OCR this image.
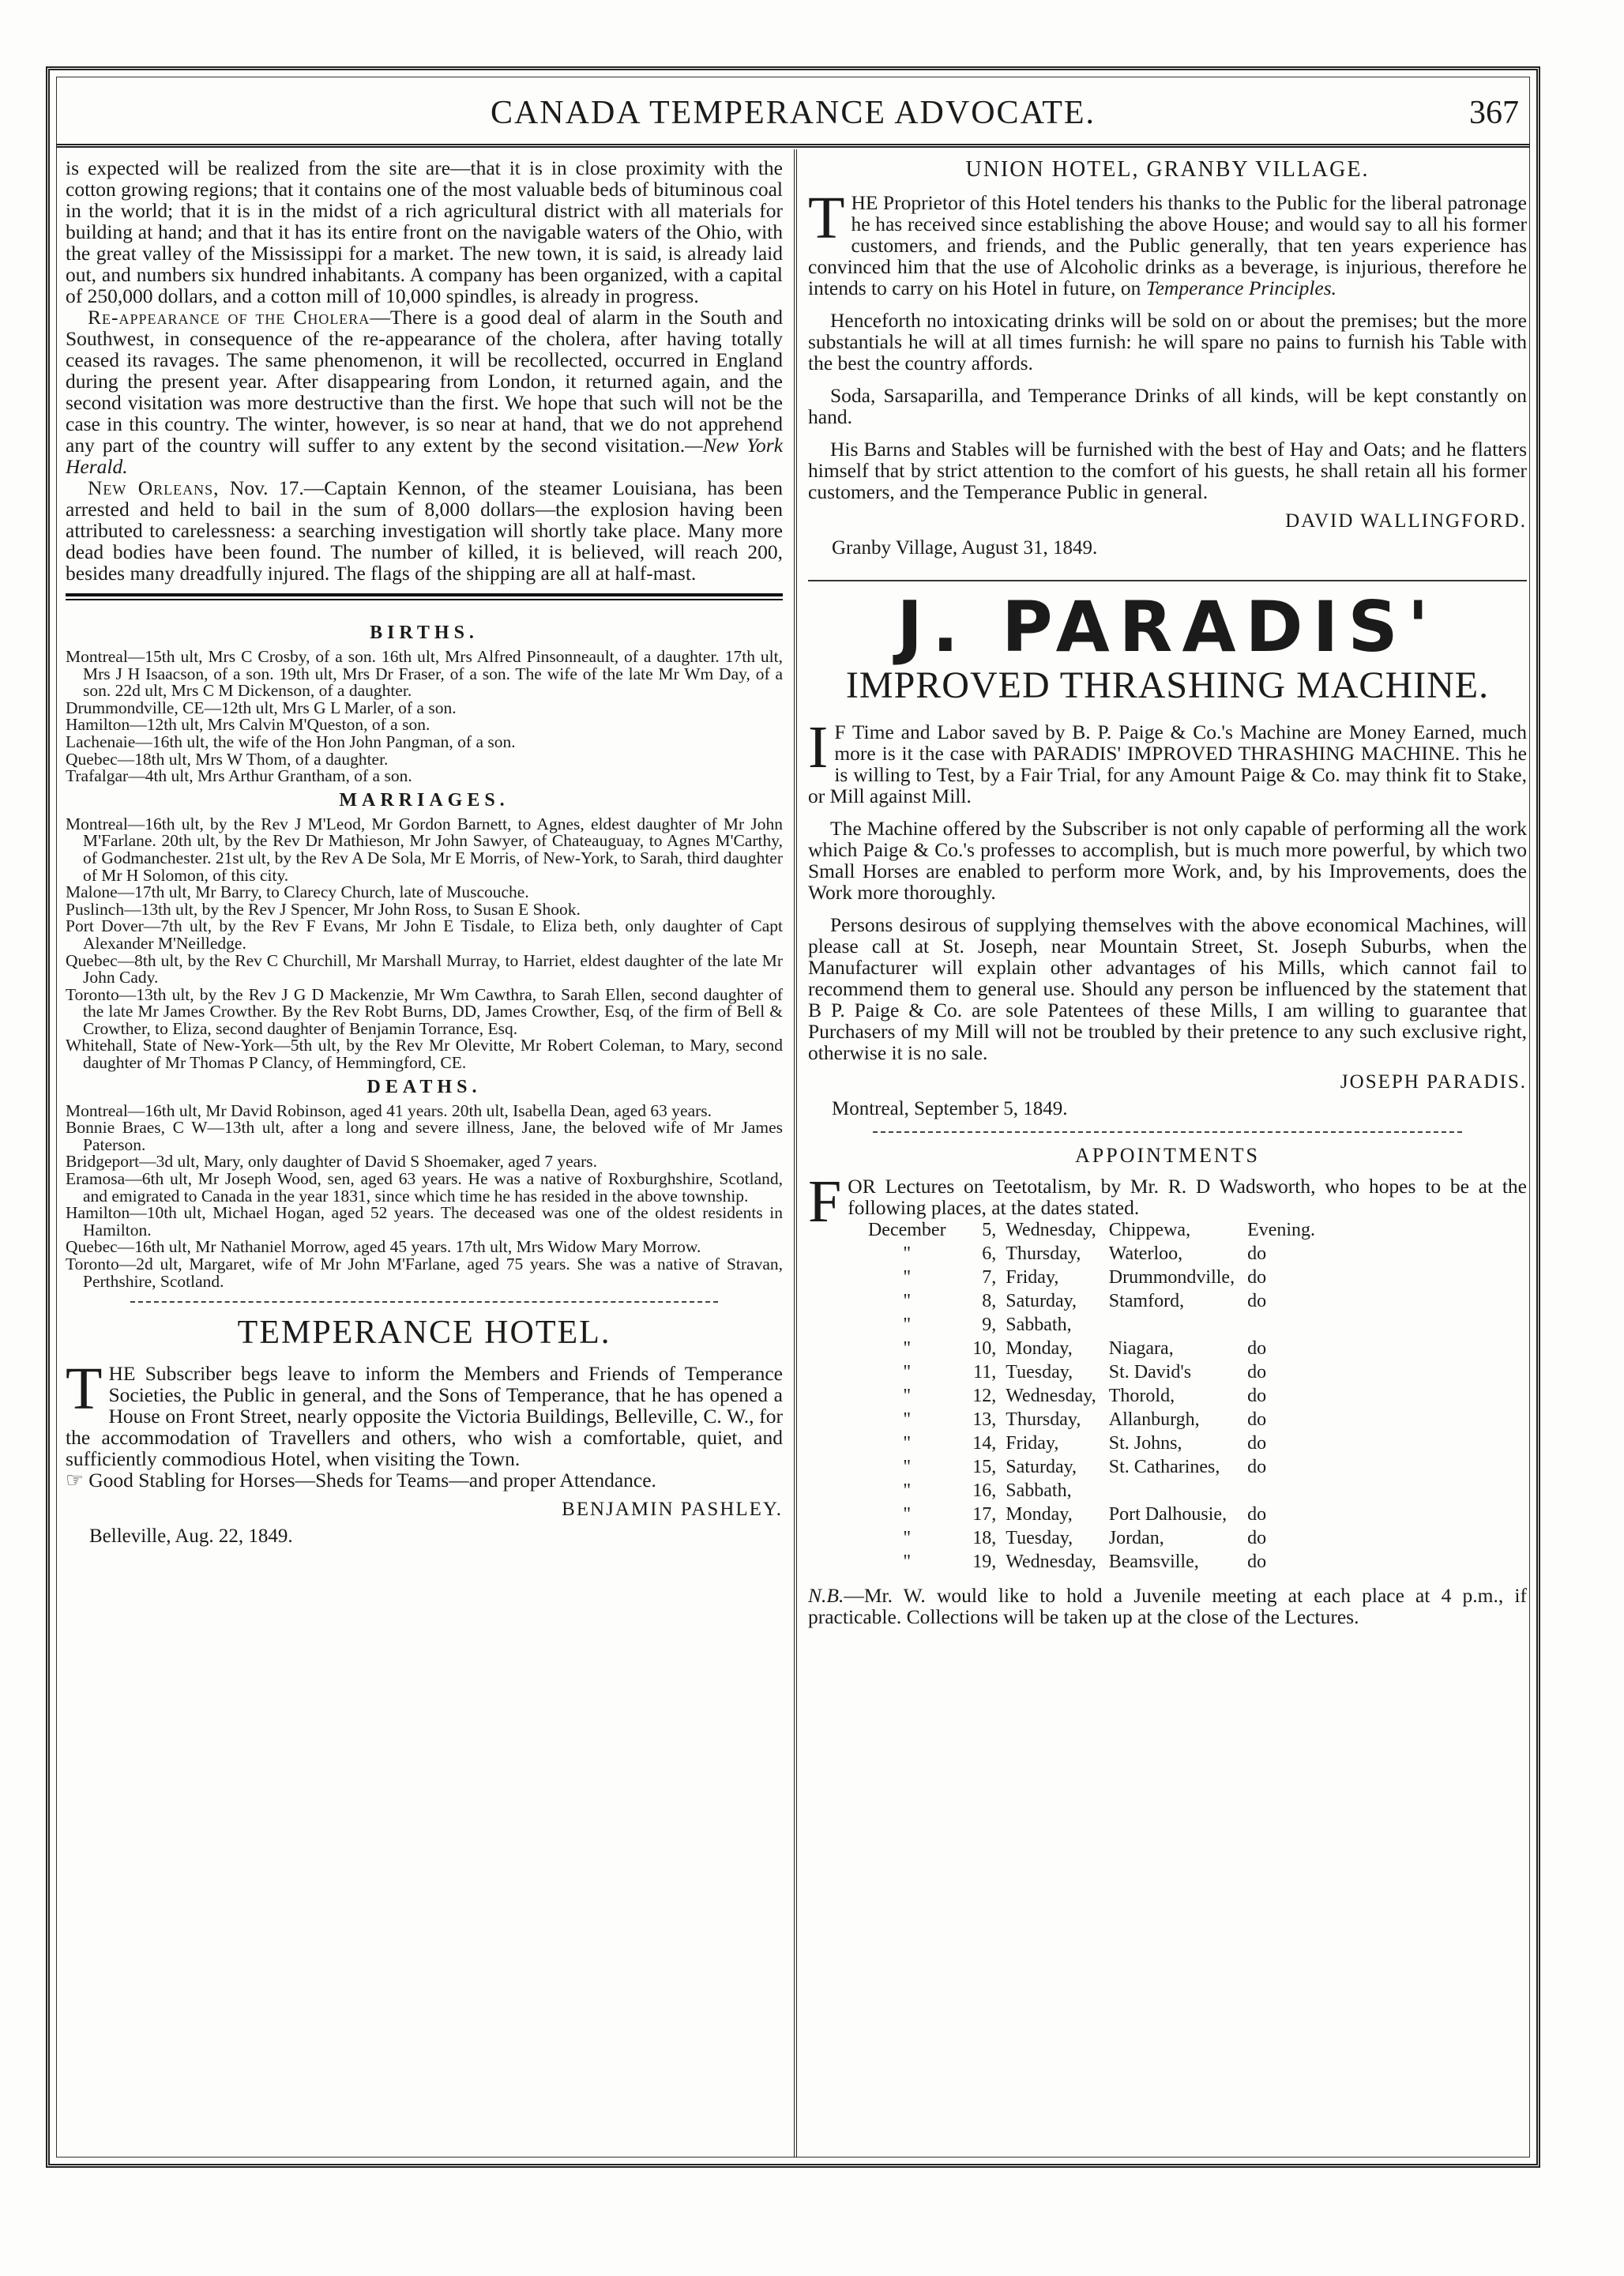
CANADA TEMPERANCE ADVOCATE.	367

is expected will be realized from the site are—that it is in close proximity with the cotton growing regions; that it contains one of the most valuable beds of bituminous coal in the world; that it is in the midst of a rich agricultural district with all materials for building at hand; and that it has its entire front on the navigable waters of the Ohio, with the great valley of the Mississippi for a market. The new town, it is said, is already laid out, and numbers six hundred inhabitants. A company has been organized, with a capital of 250,000 dollars, and a cotton mill of 10,000 spindles, is already in progress.

Re-appearance of the Cholera—There is a good deal of alarm in the South and Southwest, in consequence of the re-appearance of the cholera, after having totally ceased its ravages. The same phenomenon, it will be recollected, occurred in England during the present year. After disappearing from London, it returned again, and the second visitation was more destructive than the first. We hope that such will not be the case in this country. The winter, however, is so near at hand, that we do not apprehend any part of the country will suffer to any extent by the second visitation.—New York Herald.

New Orleans, Nov. 17.—Captain Kennon, of the steamer Louisiana, has been arrested and held to bail in the sum of 8,000 dollars—the explosion having been attributed to carelessness: a searching investigation will shortly take place. Many more dead bodies have been found. The number of killed, it is believed, will reach 200, besides many dreadfully injured. The flags of the shipping are all at half-mast.

BIRTHS.

Montreal—15th ult, Mrs C Crosby, of a son. 16th ult, Mrs Alfred Pinsonneault, of a daughter. 17th ult, Mrs J H Isaacson, of a son. 19th ult, Mrs Dr Fraser, of a son. The wife of the late Mr Wm Day, of a son. 22d ult, Mrs C M Dickenson, of a daughter.

Drummondville, CE—12th ult, Mrs G L Marler, of a son.

Hamilton—12th ult, Mrs Calvin M'Queston, of a son.

Lachenaie—16th ult, the wife of the Hon John Pangman, of a son.

Quebec—18th ult, Mrs W Thom, of a daughter.

Trafalgar—4th ult, Mrs Arthur Grantham, of a son.

MARRIAGES.

Montreal—16th ult, by the Rev J M'Leod, Mr Gordon Barnett, to Agnes, eldest daughter of Mr John M'Farlane. 20th ult, by the Rev Dr Mathieson, Mr John Sawyer, of Chateauguay, to Agnes M'Carthy, of Godmanchester. 21st ult, by the Rev A De Sola, Mr E Morris, of New-York, to Sarah, third daughter of Mr H Solomon, of this city.

Malone—17th ult, Mr Barry, to Clarecy Church, late of Muscouche.

Puslinch—13th ult, by the Rev J Spencer, Mr John Ross, to Susan E Shook.

Port Dover—7th ult, by the Rev F Evans, Mr John E Tisdale, to Eliza beth, only daughter of Capt Alexander M'Neilledge.

Quebec—8th ult, by the Rev C Churchill, Mr Marshall Murray, to Harriet, eldest daughter of the late Mr John Cady.

Toronto—13th ult, by the Rev J G D Mackenzie, Mr Wm Cawthra, to Sarah Ellen, second daughter of the late Mr James Crowther. By the Rev Robt Burns, DD, James Crowther, Esq, of the firm of Bell & Crowther, to Eliza, second daughter of Benjamin Torrance, Esq.

Whitehall, State of New-York—5th ult, by the Rev Mr Olevitte, Mr Robert Coleman, to Mary, second daughter of Mr Thomas P Clancy, of Hemmingford, CE.

DEATHS.

Montreal—16th ult, Mr David Robinson, aged 41 years. 20th ult, Isabella Dean, aged 63 years.

Bonnie Braes, C W—13th ult, after a long and severe illness, Jane, the beloved wife of Mr James Paterson.

Bridgeport—3d ult, Mary, only daughter of David S Shoemaker, aged 7 years.

Eramosa—6th ult, Mr Joseph Wood, sen, aged 63 years. He was a native of Roxburghshire, Scotland, and emigrated to Canada in the year 1831, since which time he has resided in the above township.

Hamilton—10th ult, Michael Hogan, aged 52 years. The deceased was one of the oldest residents in Hamilton.

Quebec—16th ult, Mr Nathaniel Morrow, aged 45 years. 17th ult, Mrs Widow Mary Morrow.

Toronto—2d ult, Margaret, wife of Mr John M'Farlane, aged 75 years. She was a native of Stravan, Perthshire, Scotland.

TEMPERANCE HOTEL.

THE Subscriber begs leave to inform the Members and Friends of Temperance Societies, the Public in general, and the Sons of Temperance, that he has opened a House on Front Street, nearly opposite the Victoria Buildings, Belleville, C. W., for the accommodation of Travellers and others, who wish a comfortable, quiet, and sufficiently commodious Hotel, when visiting the Town.

☞ Good Stabling for Horses—Sheds for Teams—and proper Attendance.

BENJAMIN PASHLEY.
Belleville, Aug. 22, 1849.
UNION HOTEL, GRANBY VILLAGE.

THE Proprietor of this Hotel tenders his thanks to the Public for the liberal patronage he has received since establishing the above House; and would say to all his former customers, and friends, and the Public generally, that ten years experience has convinced him that the use of Alcoholic drinks as a beverage, is injurious, therefore he intends to carry on his Hotel in future, on Temperance Principles.

Henceforth no intoxicating drinks will be sold on or about the premises; but the more substantials he will at all times furnish: he will spare no pains to furnish his Table with the best the country affords.

Soda, Sarsaparilla, and Temperance Drinks of all kinds, will be kept constantly on hand.

His Barns and Stables will be furnished with the best of Hay and Oats; and he flatters himself that by strict attention to the comfort of his guests, he shall retain all his former customers, and the Temperance Public in general.

DAVID WALLINGFORD.
Granby Village, August 31, 1849.
J. PARADIS'
IMPROVED THRASHING MACHINE.

I F Time and Labor saved by B. P. Paige & Co.'s Machine are Money Earned, much more is it the case with PARADIS' IMPROVED THRASHING MACHINE. This he is willing to Test, by a Fair Trial, for any Amount Paige & Co. may think fit to Stake, or Mill against Mill.

The Machine offered by the Subscriber is not only capable of performing all the work which Paige & Co.'s professes to accomplish, but is much more powerful, by which two Small Horses are enabled to perform more Work, and, by his Improvements, does the Work more thoroughly.

Persons desirous of supplying themselves with the above economical Machines, will please call at St. Joseph, near Mountain Street, St. Joseph Suburbs, when the Manufacturer will explain other advantages of his Mills, which cannot fail to recommend them to general use. Should any person be influenced by the statement that B P. Paige & Co. are sole Patentees of these Mills, I am willing to guarantee that Purchasers of my Mill will not be troubled by their pretence to any such exclusive right, otherwise it is no sale.

JOSEPH PARADIS.
Montreal, September 5, 1849.
APPOINTMENTS

FOR Lectures on Teetotalism, by Mr. R. D Wadsworth, who hopes to be at the following places, at the dates stated.

December	5,	Wednesday,	Chippewa,	Evening.
"	6,	Thursday,	Waterloo,	do
"	7,	Friday,	Drummondville,	do
"	8,	Saturday,	Stamford,	do
"	9,	Sabbath,		
"	10,	Monday,	Niagara,	do
"	11,	Tuesday,	St. David's	do
"	12,	Wednesday,	Thorold,	do
"	13,	Thursday,	Allanburgh,	do
"	14,	Friday,	St. Johns,	do
"	15,	Saturday,	St. Catharines,	do
"	16,	Sabbath,		
"	17,	Monday,	Port Dalhousie,	do
"	18,	Tuesday,	Jordan,	do
"	19,	Wednesday,	Beamsville,	do

N.B.—Mr. W. would like to hold a Juvenile meeting at each place at 4 p.m., if practicable. Collections will be taken up at the close of the Lectures.
